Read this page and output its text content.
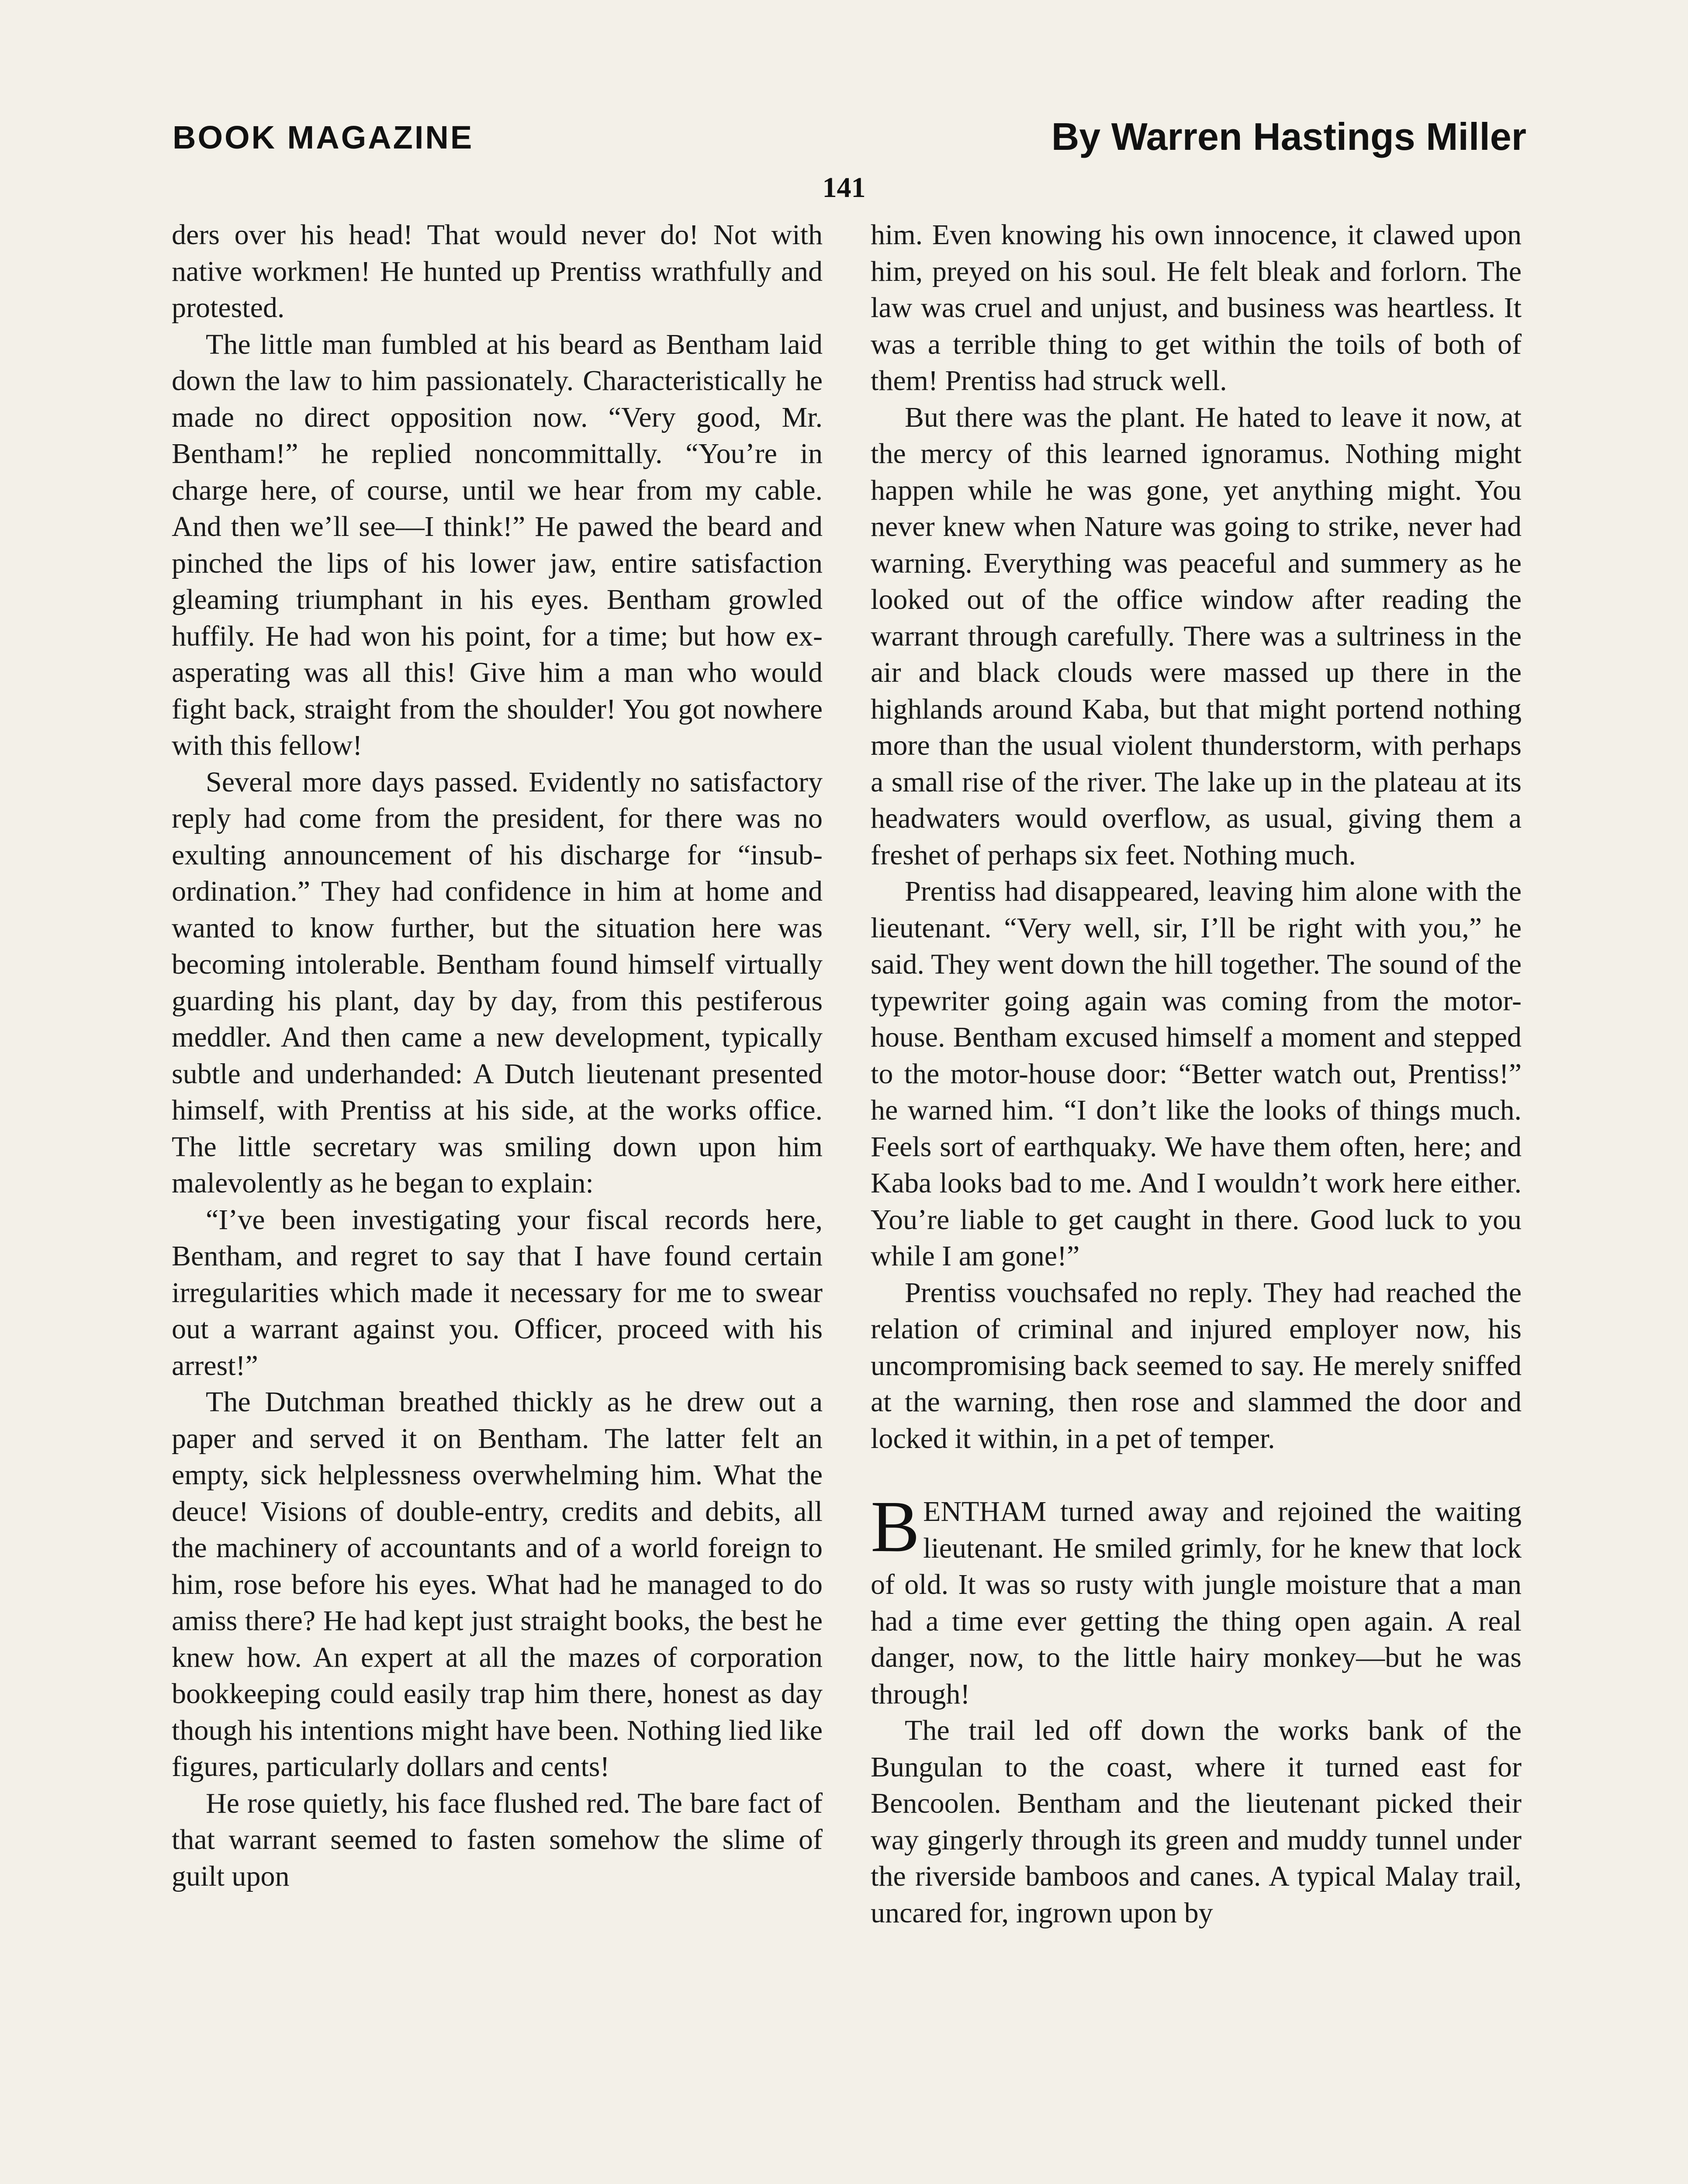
BOOK MAGAZINE	By Warren Hastings Miller
141

ders over his head! That would never do! Not with native workmen! He hunted up Prentiss wrathfully and protested.

The little man fumbled at his beard as Bentham laid down the law to him passionately. Characteristically he made no direct opposition now. “Very good, Mr. Bentham!” he replied noncommittally. “You’re in charge here, of course, until we hear from my cable. And then we’ll see—I think!” He pawed the beard and pinched the lips of his lower jaw, entire satisfaction gleaming triumphant in his eyes. Bentham growled huffily. He had won his point, for a time; but how exasperating was all this! Give him a man who would fight back, straight from the shoulder! You got nowhere with this fellow!

Several more days passed. Evidently no satisfactory reply had come from the president, for there was no exulting announcement of his discharge for “insubordination.” They had confidence in him at home and wanted to know further, but the situation here was becoming intolerable. Bentham found himself virtually guarding his plant, day by day, from this pestiferous meddler. And then came a new development, typically subtle and underhanded: A Dutch lieutenant presented himself, with Prentiss at his side, at the works office. The little secretary was smiling down upon him malevolently as he began to explain:

“I’ve been investigating your fiscal records here, Bentham, and regret to say that I have found certain irregularities which made it necessary for me to swear out a warrant against you. Officer, proceed with his arrest!”

The Dutchman breathed thickly as he drew out a paper and served it on Bentham. The latter felt an empty, sick helplessness overwhelming him. What the deuce! Visions of double-entry, credits and debits, all the machinery of accountants and of a world foreign to him, rose before his eyes. What had he managed to do amiss there? He had kept just straight books, the best he knew how. An expert at all the mazes of corporation bookkeeping could easily trap him there, honest as day though his intentions might have been. Nothing lied like figures, particularly dollars and cents!

He rose quietly, his face flushed red. The bare fact of that warrant seemed to fasten somehow the slime of guilt upon

him. Even knowing his own innocence, it clawed upon him, preyed on his soul. He felt bleak and forlorn. The law was cruel and unjust, and business was heartless. It was a terrible thing to get within the toils of both of them! Prentiss had struck well.

But there was the plant. He hated to leave it now, at the mercy of this learned ignoramus. Nothing might happen while he was gone, yet anything might. You never knew when Nature was going to strike, never had warning. Everything was peaceful and summery as he looked out of the office window after reading the warrant through carefully. There was a sultriness in the air and black clouds were massed up there in the highlands around Kaba, but that might portend nothing more than the usual violent thunderstorm, with perhaps a small rise of the river. The lake up in the plateau at its headwaters would overflow, as usual, giving them a freshet of perhaps six feet. Nothing much.

Prentiss had disappeared, leaving him alone with the lieutenant. “Very well, sir, I’ll be right with you,” he said. They went down the hill together. The sound of the typewriter going again was coming from the motor-house. Bentham excused himself a moment and stepped to the motor-house door: “Better watch out, Prentiss!” he warned him. “I don’t like the looks of things much. Feels sort of earthquaky. We have them often, here; and Kaba looks bad to me. And I wouldn’t work here either. You’re liable to get caught in there. Good luck to you while I am gone!”

Prentiss vouchsafed no reply. They had reached the relation of criminal and injured employer now, his uncompromising back seemed to say. He merely sniffed at the warning, then rose and slammed the door and locked it within, in a pet of temper.

BENTHAM turned away and rejoined the waiting lieutenant. He smiled grimly, for he knew that lock of old. It was so rusty with jungle moisture that a man had a time ever getting the thing open again. A real danger, now, to the little hairy monkey—but he was through!

The trail led off down the works bank of the Bungulan to the coast, where it turned east for Bencoolen. Bentham and the lieutenant picked their way gingerly through its green and muddy tunnel under the riverside bamboos and canes. A typical Malay trail, uncared for, ingrown upon by
